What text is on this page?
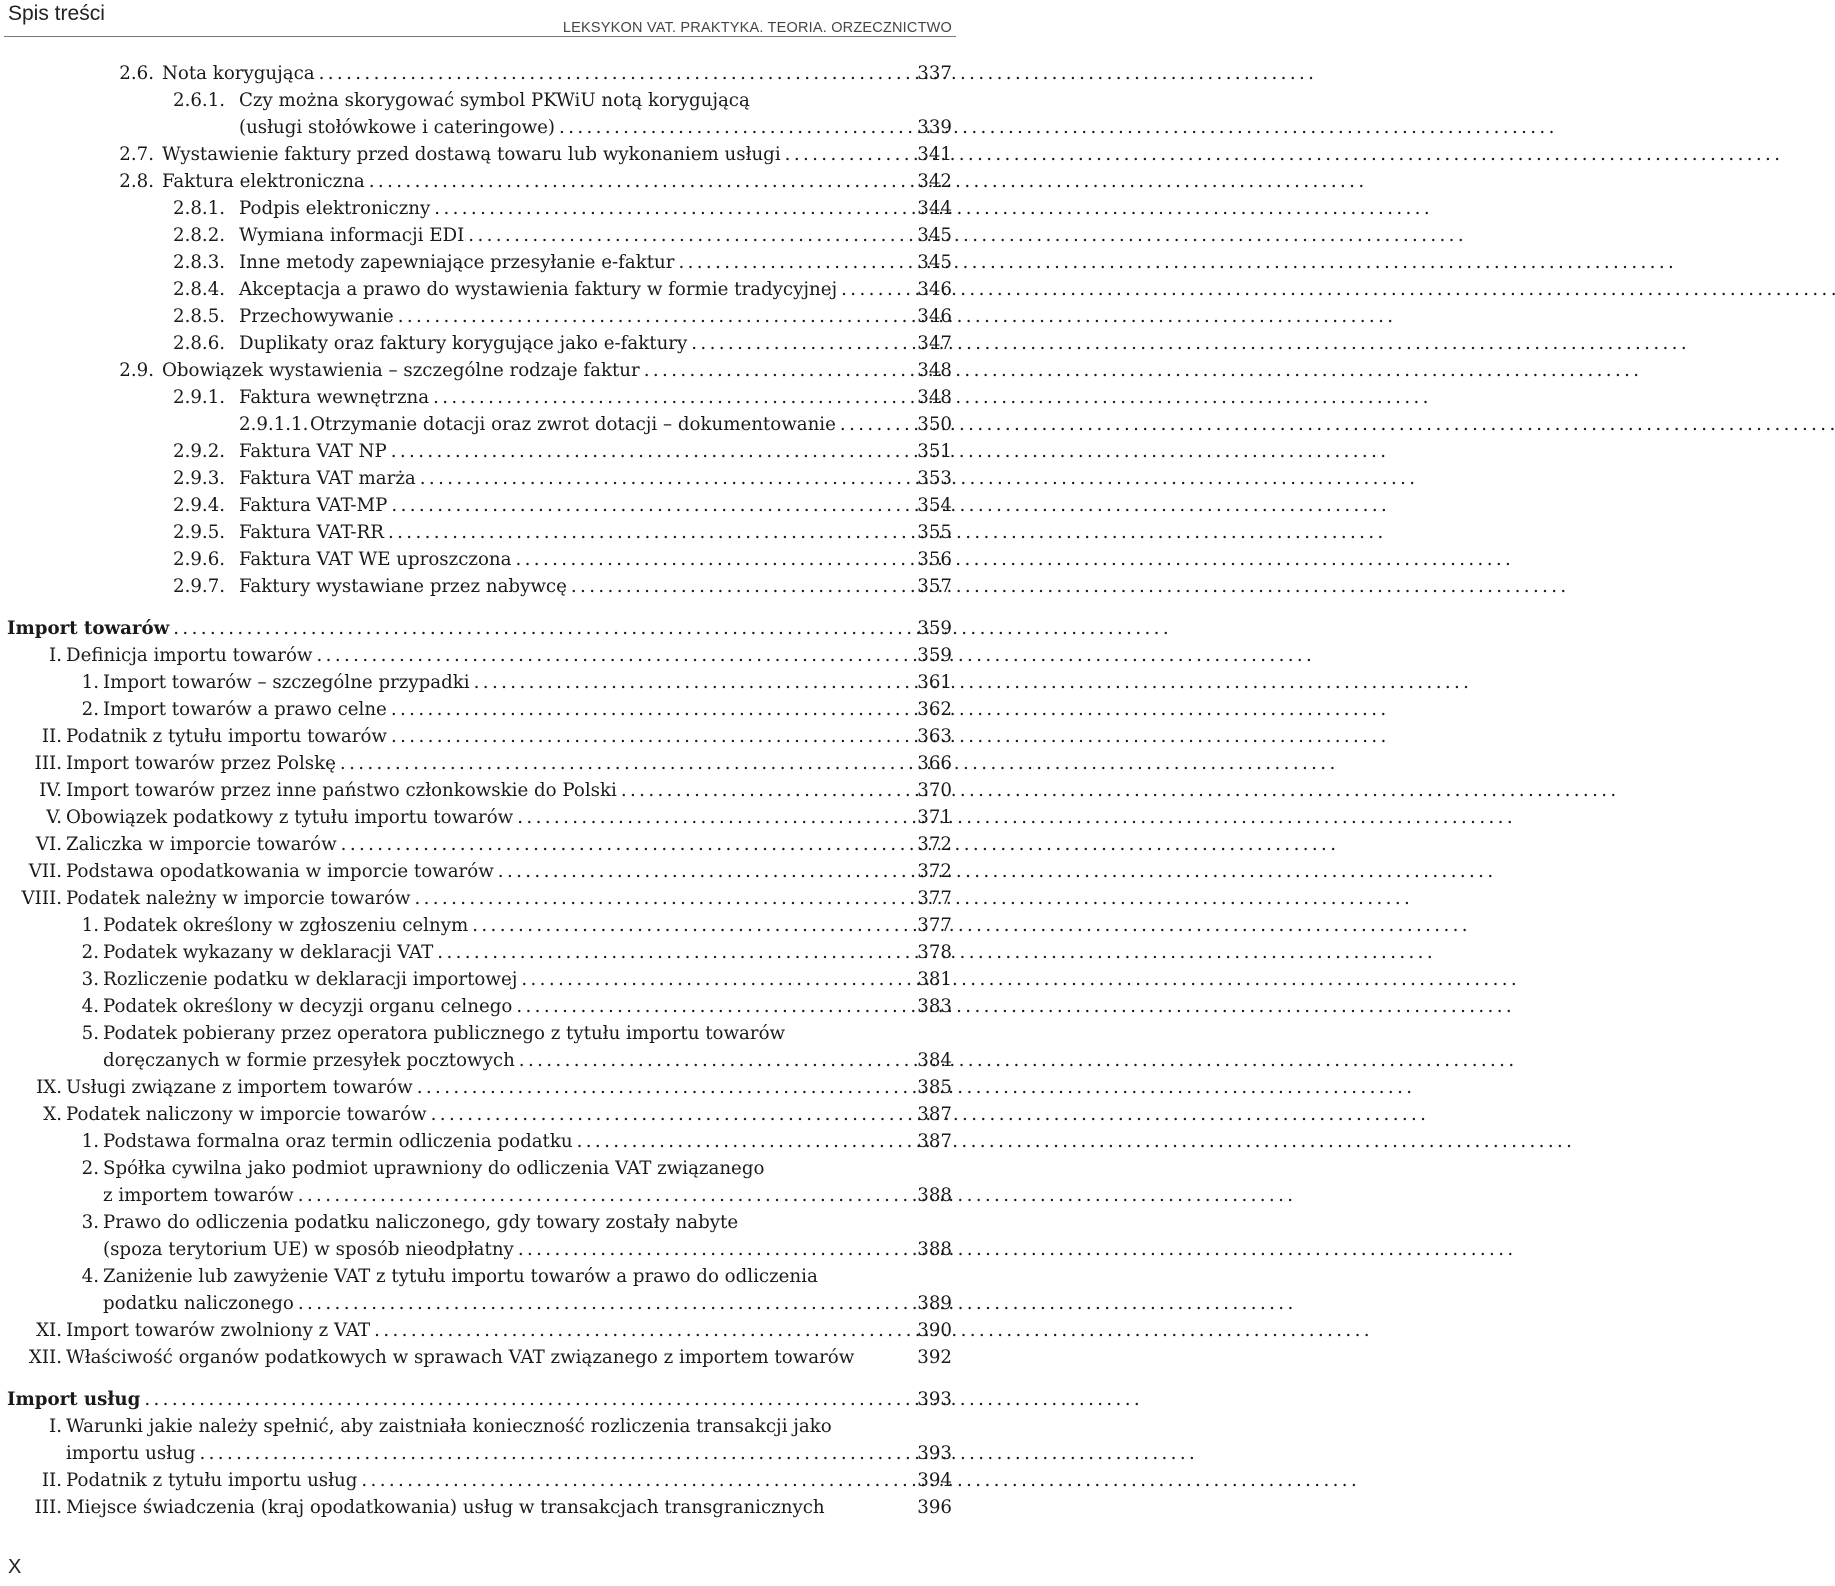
Spis treści
LEKSYKON VAT. PRAKTYKA. TEORIA. ORZECZNICTWO
2.6. Nota korygująca . . .	337
2.6.1. Czy można skorygować symbol PKWiU notą korygującą
(usługi stołówkowe i cateringowe) . . .	339
2.7. Wystawienie faktury przed dostawą towaru lub wykonaniem usługi . . .	341
2.8. Faktura elektroniczna . . .	342
2.8.1. Podpis elektroniczny . . .	344
2.8.2. Wymiana informacji EDI . . .	345
2.8.3. Inne metody zapewniające przesyłanie e-faktur . . .	345
2.8.4. Akceptacja a prawo do wystawienia faktury w formie tradycyjnej . . .	346
2.8.5. Przechowywanie . . .	346
2.8.6. Duplikaty oraz faktury korygujące jako e-faktury . . .	347
2.9. Obowiązek wystawienia – szczególne rodzaje faktur . . .	348
2.9.1. Faktura wewnętrzna . . .	348
2.9.1.1. Otrzymanie dotacji oraz zwrot dotacji – dokumentowanie . . .	350
2.9.2. Faktura VAT NP . . .	351
2.9.3. Faktura VAT marża . . .	353
2.9.4. Faktura VAT-MP . . .	354
2.9.5. Faktura VAT-RR . . .	355
2.9.6. Faktura VAT WE uproszczona . . .	356
2.9.7. Faktury wystawiane przez nabywcę . . .	357
Import towarów . . .	359
I. Definicja importu towarów . . .	359
1. Import towarów – szczególne przypadki . . .	361
2. Import towarów a prawo celne . . .	362
II. Podatnik z tytułu importu towarów . . .	363
III. Import towarów przez Polskę . . .	366
IV. Import towarów przez inne państwo członkowskie do Polski . . .	370
V. Obowiązek podatkowy z tytułu importu towarów . . .	371
VI. Zaliczka w imporcie towarów . . .	372
VII. Podstawa opodatkowania w imporcie towarów . . .	372
VIII. Podatek należny w imporcie towarów . . .	377
1. Podatek określony w zgłoszeniu celnym . . .	377
2. Podatek wykazany w deklaracji VAT . . .	378
3. Rozliczenie podatku w deklaracji importowej . . .	381
4. Podatek określony w decyzji organu celnego . . .	383
5. Podatek pobierany przez operatora publicznego z tytułu importu towarów
doręczanych w formie przesyłek pocztowych . . .	384
IX. Usługi związane z importem towarów . . .	385
X. Podatek naliczony w imporcie towarów . . .	387
1. Podstawa formalna oraz termin odliczenia podatku . . .	387
2. Spółka cywilna jako podmiot uprawniony do odliczenia VAT związanego
z importem towarów . . .	388
3. Prawo do odliczenia podatku naliczonego, gdy towary zostały nabyte
(spoza terytorium UE) w sposób nieodpłatny . . .	388
4. Zaniżenie lub zawyżenie VAT z tytułu importu towarów a prawo do odliczenia
podatku naliczonego . . .	389
XI. Import towarów zwolniony z VAT . . .	390
XII. Właściwość organów podatkowych w sprawach VAT związanego z importem towarów	392
Import usług . . .	393
I. Warunki jakie należy spełnić, aby zaistniała konieczność rozliczenia transakcji jako
importu usług . . .	393
II. Podatnik z tytułu importu usług . . .	394
III. Miejsce świadczenia (kraj opodatkowania) usług w transakcjach transgranicznych	396
X
